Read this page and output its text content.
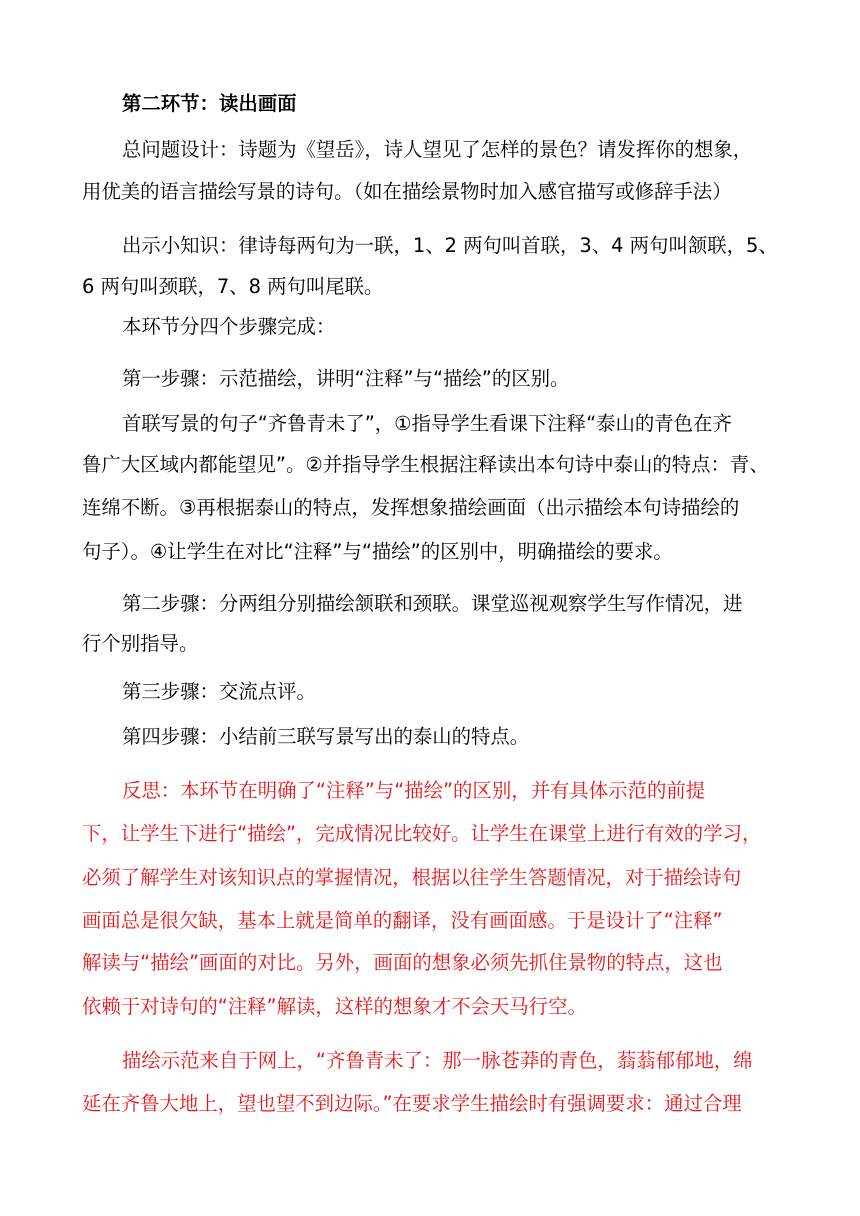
第二环节：读出画面
总问题设计：诗题为《望岳》，诗人望见了怎样的景色？请发挥你的想象，
用优美的语言描绘写景的诗句。（如在描绘景物时加入感官描写或修辞手法）
出示小知识：律诗每两句为一联，1、2 两句叫首联，3、4 两句叫颔联，5、
6 两句叫颈联，7、8 两句叫尾联。
本环节分四个步骤完成：
第一步骤：示范描绘，讲明“注释”与“描绘”的区别。
首联写景的句子“齐鲁青未了”，①指导学生看课下注释“泰山的青色在齐
鲁广大区域内都能望见”。②并指导学生根据注释读出本句诗中泰山的特点：青、
连绵不断。③再根据泰山的特点，发挥想象描绘画面（出示描绘本句诗描绘的
句子）。④让学生在对比“注释”与“描绘”的区别中，明确描绘的要求。
第二步骤：分两组分别描绘颔联和颈联。课堂巡视观察学生写作情况，进
行个别指导。
第三步骤：交流点评。
第四步骤：小结前三联写景写出的泰山的特点。
反思：本环节在明确了“注释”与“描绘”的区别，并有具体示范的前提
下，让学生下进行“描绘”，完成情况比较好。让学生在课堂上进行有效的学习，
必须了解学生对该知识点的掌握情况，根据以往学生答题情况，对于描绘诗句
画面总是很欠缺，基本上就是简单的翻译，没有画面感。于是设计了“注释”
解读与“描绘”画面的对比。另外，画面的想象必须先抓住景物的特点，这也
依赖于对诗句的“注释”解读，这样的想象才不会天马行空。
描绘示范来自于网上，“齐鲁青未了：那一脉苍莽的青色，蓊蓊郁郁地，绵
延在齐鲁大地上，望也望不到边际。”在要求学生描绘时有强调要求：通过合理
